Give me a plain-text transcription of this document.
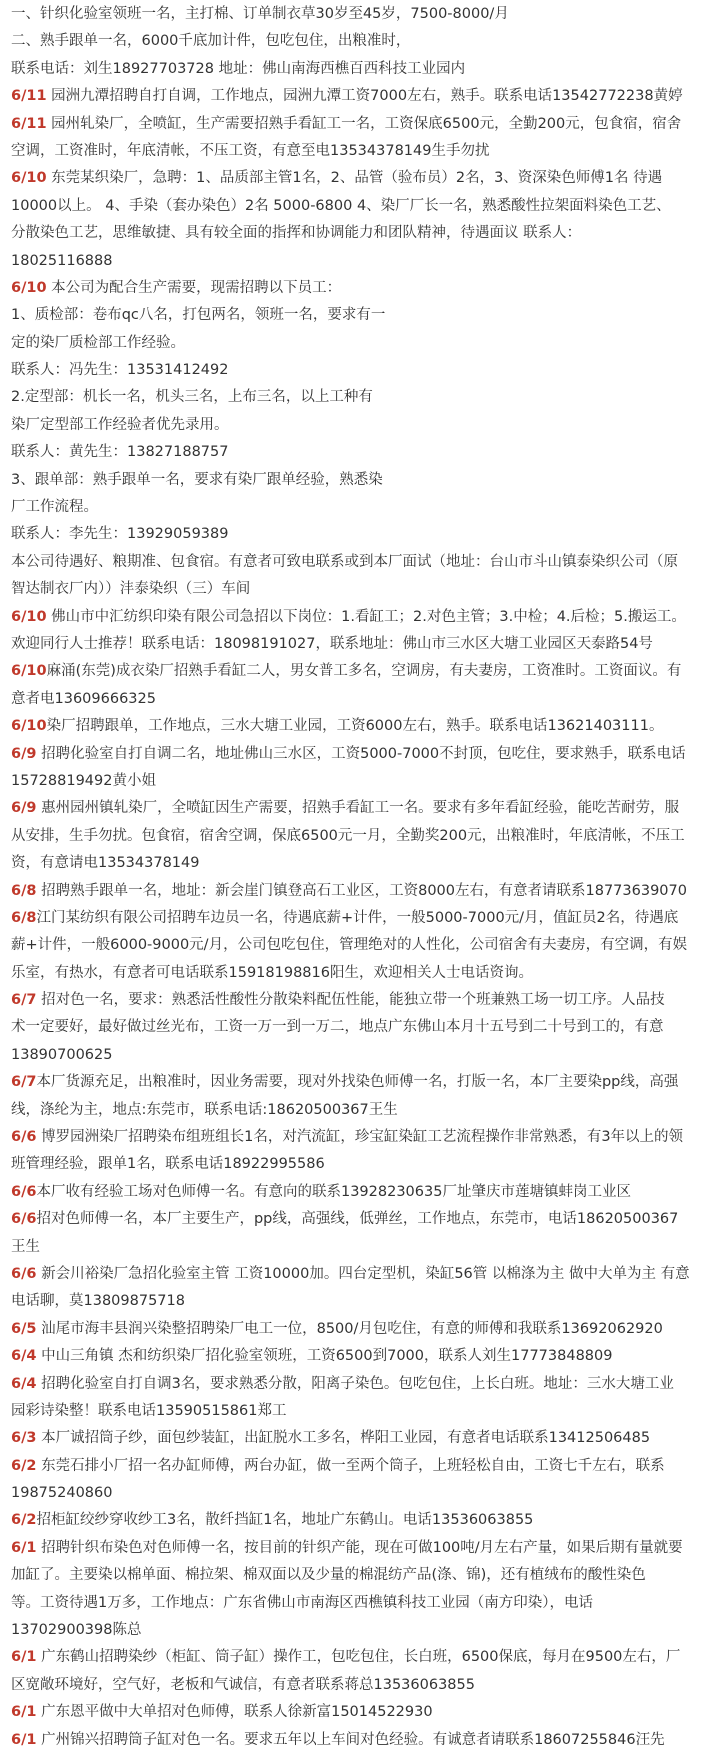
一、针织化验室领班一名，主打棉、订单制衣草30岁至45岁，7500-8000/月
二、熟手跟单一名，6000千底加计件，包吃包住，出粮准时，
联系电话：刘生18927703728 地址：佛山南海西樵百西科技工业园内
6/11 园洲九潭招聘自打自调，工作地点，园洲九潭工资7000左右，熟手。联系电话13542772238黄婷
6/11 园州轧染厂，全喷缸，生产需要招熟手看缸工一名，工资保底6500元，全勤200元，包食宿，宿舍
空调，工资准时，年底清帐，不压工资，有意至电13534378149生手勿扰
6/10 东莞某织染厂，急聘：1、品质部主管1名，2、品管（验布员）2名，3、资深染色师傅1名 待遇
10000以上。 4、手染（套办染色）2名 5000-6800 4、染厂厂长一名，熟悉酸性拉架面料染色工艺、
分散染色工艺，思维敏捷、具有较全面的指挥和协调能力和团队精神，待遇面议 联系人：
18025116888
6/10 本公司为配合生产需要，现需招聘以下员工：
1、质检部：卷布qc八名，打包两名，领班一名，要求有一
定的染厂质检部工作经验。
联系人：冯先生：13531412492
2.定型部：机长一名，机头三名，上布三名，以上工种有
染厂定型部工作经验者优先录用。
联系人：黄先生：13827188757
3、跟单部：熟手跟单一名，要求有染厂跟单经验，熟悉染
厂工作流程。
联系人：李先生：13929059389
本公司待遇好、粮期准、包食宿。有意者可致电联系或到本厂面试（地址：台山市斗山镇泰染织公司（原
智达制衣厂内））沣泰染织（三）车间
6/10 佛山市中汇纺织印染有限公司急招以下岗位：1.看缸工；2.对色主管；3.中检；4.后检；5.搬运工。
欢迎同行人士推荐！联系电话：18098191027，联系地址：佛山市三水区大塘工业园区天泰路54号
6/10麻涌(东莞)成衣染厂招熟手看缸二人，男女普工多名，空调房，有夫妻房，工资准时。工资面议。有
意者电13609666325
6/10染厂招聘跟单，工作地点，三水大塘工业园，工资6000左右，熟手。联系电话13621403111。
6/9 招聘化验室自打自调二名，地址佛山三水区，工资5000-7000不封顶，包吃住，要求熟手，联系电话
15728819492黄小姐
6/9 惠州园州镇轧染厂，全喷缸因生产需要，招熟手看缸工一名。要求有多年看缸经验，能吃苦耐劳，服
从安排，生手勿扰。包食宿，宿舍空调，保底6500元一月，全勤奖200元，出粮准时，年底清帐，不压工
资，有意请电13534378149
6/8 招聘熟手跟单一名，地址：新会崖门镇登高石工业区，工资8000左右，有意者请联系18773639070
6/8江门某纺织有限公司招聘车边员一名，待遇底薪+计件，一般5000-7000元/月，值缸员2名，待遇底
薪+计件，一般6000-9000元/月，公司包吃包住，管理绝对的人性化，公司宿舍有夫妻房，有空调，有娱
乐室，有热水，有意者可电话联系15918198816阳生，欢迎相关人士电话资询。
6/7 招对色一名，要求：熟悉活性酸性分散染料配伍性能，能独立带一个班兼熟工场一切工序。人品技
术一定要好，最好做过丝光布，工资一万一到一万二，地点广东佛山本月十五号到二十号到工的，有意
13890700625
6/7本厂货源充足，出粮准时，因业务需要，现对外找染色师傅一名，打版一名，本厂主要染pp线，高强
线，涤纶为主，地点:东莞市，联系电话:18620500367王生
6/6 博罗园洲染厂招聘染布组班组长1名，对汽流缸，珍宝缸染缸工艺流程操作非常熟悉，有3年以上的领
班管理经验，跟单1名，联系电话18922995586
6/6本厂收有经验工场对色师傅一名。有意向的联系13928230635厂址肇庆市莲塘镇蚌岗工业区
6/6招对色师傅一名，本厂主要生产，pp线，高强线，低弹丝，工作地点，东莞市，电话18620500367
王生
6/6 新会川裕染厂急招化验室主管 工资10000加。四台定型机，染缸56管 以棉涤为主 做中大单为主 有意
电话聊，莫13809875718
6/5 汕尾市海丰县润兴染整招聘染厂电工一位，8500/月包吃住，有意的师傅和我联系13692062920
6/4 中山三角镇 杰和纺织染厂招化验室领班，工资6500到7000，联系人刘生17773848809
6/4 招聘化验室自打自调3名，要求熟悉分散，阳离子染色。包吃包住，上长白班。地址：三水大塘工业
园彩诗染整！联系电话13590515861郑工
6/3 本厂诚招筒子纱，面包纱装缸，出缸脱水工多名，桦阳工业园，有意者电话联系13412506485
6/2 东莞石排小厂招一名办缸师傅，两台办缸，做一至两个筒子，上班轻松自由，工资七千左右，联系
19875240860
6/2招柜缸绞纱穿收纱工3名，散纤挡缸1名，地址广东鹤山。电话13536063855
6/1 招聘针织布染色对色师傅一名，按目前的针织产能，现在可做100吨/月左右产量，如果后期有量就要
加缸了。主要染以棉单面、棉拉架、棉双面以及少量的棉混纺产品(涤、锦)，还有植绒布的酸性染色
等。工资待遇1万多，工作地点：广东省佛山市南海区西樵镇科技工业园（南方印染），电话
13702900398陈总
6/1 广东鹤山招聘染纱（柜缸、筒子缸）操作工，包吃包住，长白班，6500保底，每月在9500左右，厂
区宽敞环境好，空气好，老板和气诚信，有意者联系蒋总13536063855
6/1 广东恩平做中大单招对色师傅，联系人徐新富15014522930
6/1 广州锦兴招聘筒子缸对色一名。要求五年以上车间对色经验。有诚意者请联系18607255846汪先
